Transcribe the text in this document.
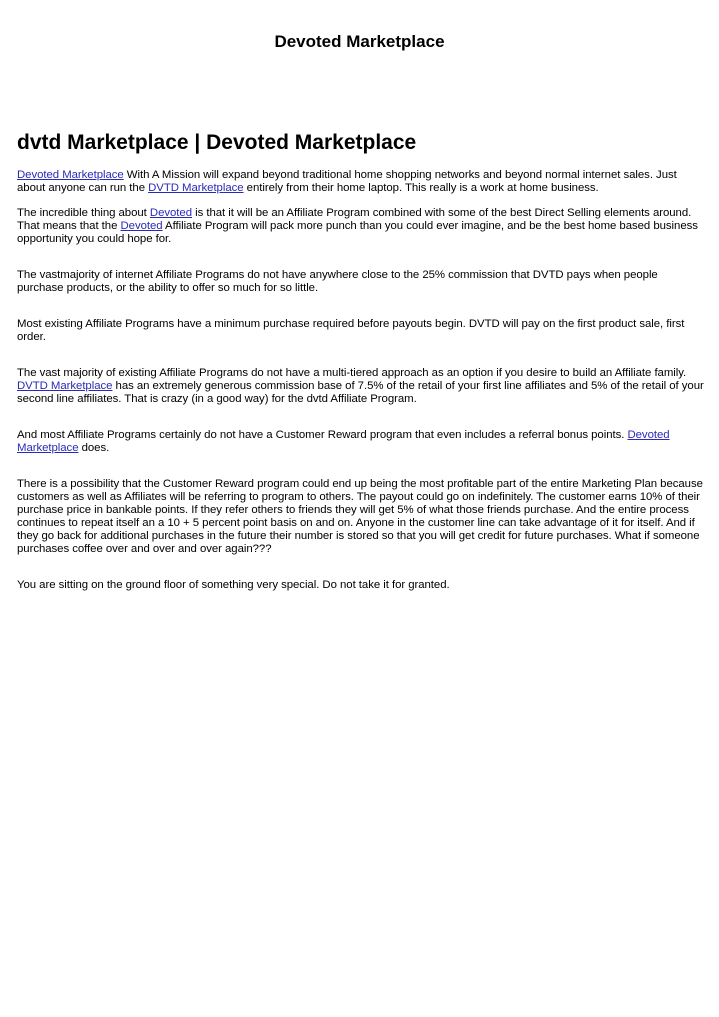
Devoted Marketplace
dvtd Marketplace | Devoted Marketplace

Devoted Marketplace With A Mission will expand beyond traditional home shopping networks and beyond normal internet sales. Just about anyone can run the DVTD Marketplace entirely from their home laptop. This really is a work at home business.

The incredible thing about Devoted is that it will be an Affiliate Program combined with some of the best Direct Selling elements around. That means that the Devoted Affiliate Program will pack more punch than you could ever imagine, and be the best home based business opportunity you could hope for.

The vastmajority of internet Affiliate Programs do not have anywhere close to the 25% commission that DVTD pays when people purchase products, or the ability to offer so much for so little.

Most existing Affiliate Programs have a minimum purchase required before payouts begin. DVTD will pay on the first product sale, first order.

The vast majority of existing Affiliate Programs do not have a multi-tiered approach as an option if you desire to build an Affiliate family. DVTD Marketplace has an extremely generous commission base of 7.5% of the retail of your first line affiliates and 5% of the retail of your second line affiliates. That is crazy (in a good way) for the dvtd Affiliate Program.

And most Affiliate Programs certainly do not have a Customer Reward program that even includes a referral bonus points. Devoted Marketplace does.

There is a possibility that the Customer Reward program could end up being the most profitable part of the entire Marketing Plan because customers as well as Affiliates will be referring to program to others. The payout could go on indefinitely. The customer earns 10% of their purchase price in bankable points. If they refer others to friends they will get 5% of what those friends purchase. And the entire process continues to repeat itself an a 10 + 5 percent point basis on and on. Anyone in the customer line can take advantage of it for itself. And if they go back for additional purchases in the future their number is stored so that you will get credit for future purchases. What if someone purchases coffee over and over and over again???

You are sitting on the ground floor of something very special. Do not take it for granted.
